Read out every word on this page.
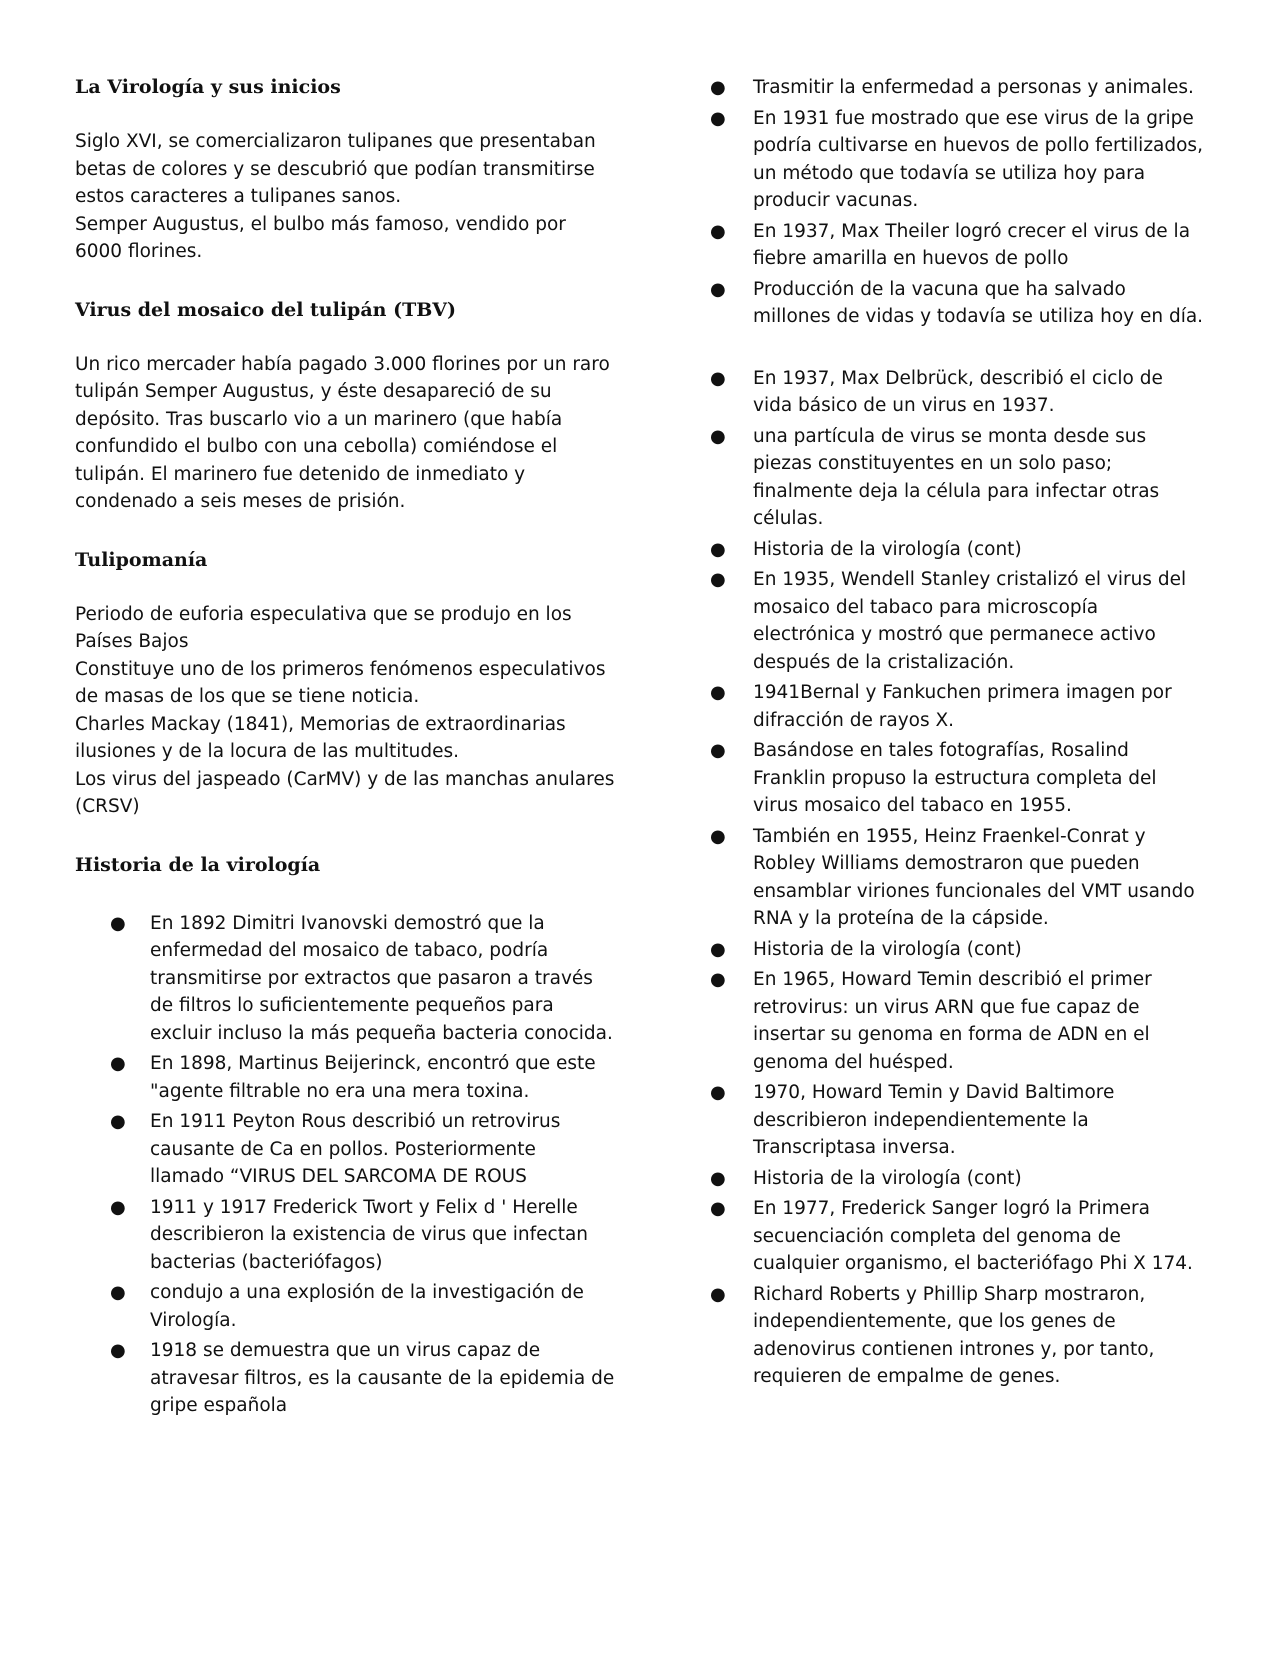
La Virología y sus inicios

Siglo XVI, se comercializaron tulipanes que presentaban betas de colores y se descubrió que podían transmitirse estos caracteres a tulipanes sanos.

Semper Augustus, el bulbo más famoso, vendido por 6000 florines.

Virus del mosaico del tulipán (TBV)

Un rico mercader había pagado 3.000 florines por un raro tulipán Semper Augustus, y éste desapareció de su depósito. Tras buscarlo vio a un marinero (que había confundido el bulbo con una cebolla) comiéndose el tulipán. El marinero fue detenido de inmediato y condenado a seis meses de prisión.

Tulipomanía

Periodo de euforia especulativa que se produjo en los Países Bajos

Constituye uno de los primeros fenómenos especulativos de masas de los que se tiene noticia.

Charles Mackay (1841), Memorias de extraordinarias ilusiones y de la locura de las multitudes.

Los virus del jaspeado (CarMV) y de las manchas anulares (CRSV)

Historia de la virología
● En 1892 Dimitri Ivanovski demostró que la enfermedad del mosaico de tabaco, podría transmitirse por extractos que pasaron a través de filtros lo suficientemente pequeños para excluir incluso la más pequeña bacteria conocida.
● En 1898, Martinus Beijerinck, encontró que este "agente filtrable no era una mera toxina.
● En 1911 Peyton Rous describió un retrovirus causante de Ca en pollos. Posteriormente llamado “VIRUS DEL SARCOMA DE ROUS
● 1911 y 1917 Frederick Twort y Felix d ' Herelle describieron la existencia de virus que infectan bacterias (bacteriófagos)
● condujo a una explosión de la investigación de Virología.
● 1918 se demuestra que un virus capaz de atravesar filtros, es la causante de la epidemia de gripe española
● Trasmitir la enfermedad a personas y animales.
● En 1931 fue mostrado que ese virus de la gripe podría cultivarse en huevos de pollo fertilizados, un método que todavía se utiliza hoy para producir vacunas.
● En 1937, Max Theiler logró crecer el virus de la fiebre amarilla en huevos de pollo
● Producción de la vacuna que ha salvado millones de vidas y todavía se utiliza hoy en día.
● En 1937, Max Delbrück, describió el ciclo de vida básico de un virus en 1937.
● una partícula de virus se monta desde sus piezas constituyentes en un solo paso; finalmente deja la célula para infectar otras células.
● Historia de la virología (cont)
● En 1935, Wendell Stanley cristalizó el virus del mosaico del tabaco para microscopía electrónica y mostró que permanece activo después de la cristalización.
● 1941Bernal y Fankuchen primera imagen por difracción de rayos X.
● Basándose en tales fotografías, Rosalind Franklin propuso la estructura completa del virus mosaico del tabaco en 1955.
● También en 1955, Heinz Fraenkel-Conrat y Robley Williams demostraron que pueden ensamblar viriones funcionales del VMT usando RNA y la proteína de la cápside.
● Historia de la virología (cont)
● En 1965, Howard Temin describió el primer retrovirus: un virus ARN que fue capaz de insertar su genoma en forma de ADN en el genoma del huésped.
● 1970, Howard Temin y David Baltimore describieron independientemente la Transcriptasa inversa.
● Historia de la virología (cont)
● En 1977, Frederick Sanger logró la Primera secuenciación completa del genoma de cualquier organismo, el bacteriófago Phi X 174.
● Richard Roberts y Phillip Sharp mostraron, independientemente, que los genes de adenovirus contienen intrones y, por tanto, requieren de empalme de genes.
